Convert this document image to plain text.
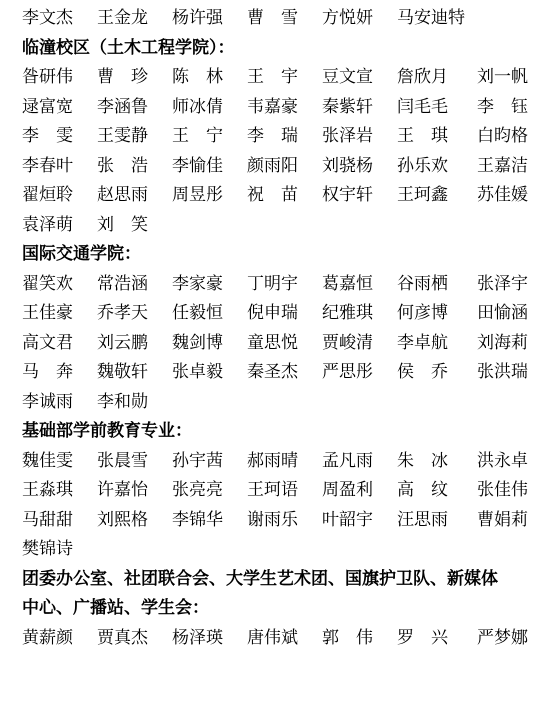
李文杰 王金龙 杨许强 曹　雪 方悦妍 马安迪特
临潼校区（土木工程学院）：
昝研伟 曹　珍 陈　林 王　宇 豆文宣 詹欣月 刘一帆
逯富宽 李涵鲁 师冰倩 韦嘉豪 秦紫轩 闫毛毛 李　钰
李　雯 王雯静 王　宁 李　瑞 张泽岩 王　琪 白昀格
李春叶 张　浩 李愉佳 颜雨阳 刘骁杨 孙乐欢 王嘉洁
翟烜聆 赵思雨 周昱彤 祝　苗 权宇轩 王珂鑫 苏佳媛
袁泽萌 刘　笑
国际交通学院：
翟笑欢 常浩涵 李家豪 丁明宇 葛嘉恒 谷雨栖 张泽宇
王佳豪 乔孝天 任毅恒 倪申瑞 纪雅琪 何彦博 田愉涵
高文君 刘云鹏 魏剑博 童思悦 贾峻清 李卓航 刘海莉
马　奔 魏敬轩 张卓毅 秦圣杰 严思彤 侯　乔 张洪瑞
李诚雨 李和勋
基础部学前教育专业：
魏佳雯 张晨雪 孙宇茜 郝雨晴 孟凡雨 朱　冰 洪永卓
王淼琪 许嘉怡 张亮亮 王珂语 周盈利 高　纹 张佳伟
马甜甜 刘熙格 李锦华 谢雨乐 叶韶宇 汪思雨 曹娟莉
樊锦诗
团委办公室、社团联合会、大学生艺术团、国旗护卫队、新媒体
中心、广播站、学生会：
黄薪颜 贾真杰 杨泽瑛 唐伟斌 郭　伟 罗　兴 严梦娜
